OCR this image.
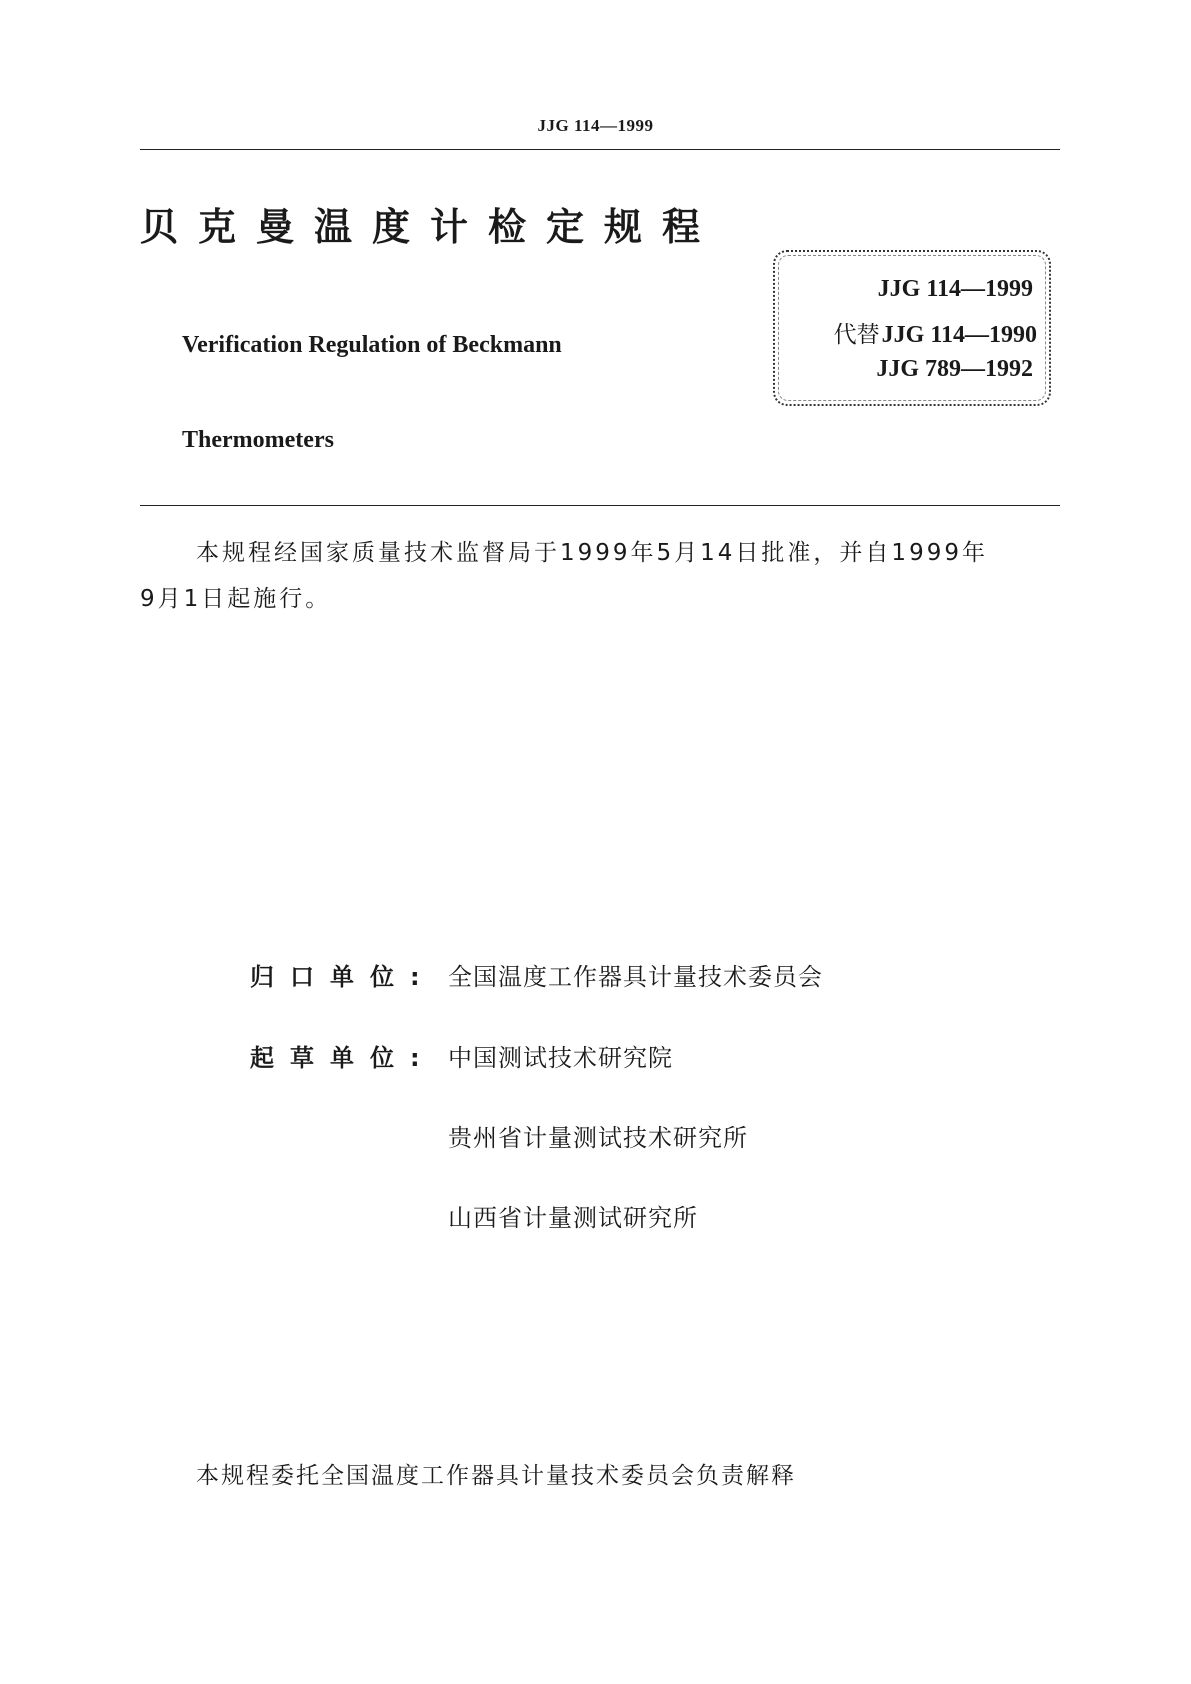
JJG 114—1999
贝克曼温度计检定规程
Verification Regulation of Beckmann
Thermometers
JJG 114—1999
代替JJG 114—1990
JJG 789—1992
本规程经国家质量技术监督局于1999年5月14日批准，并自1999年
9月1日起施行。
归口单位: 全国温度工作器具计量技术委员会
起草单位: 中国测试技术研究院
贵州省计量测试技术研究所
山西省计量测试研究所
本规程委托全国温度工作器具计量技术委员会负责解释
